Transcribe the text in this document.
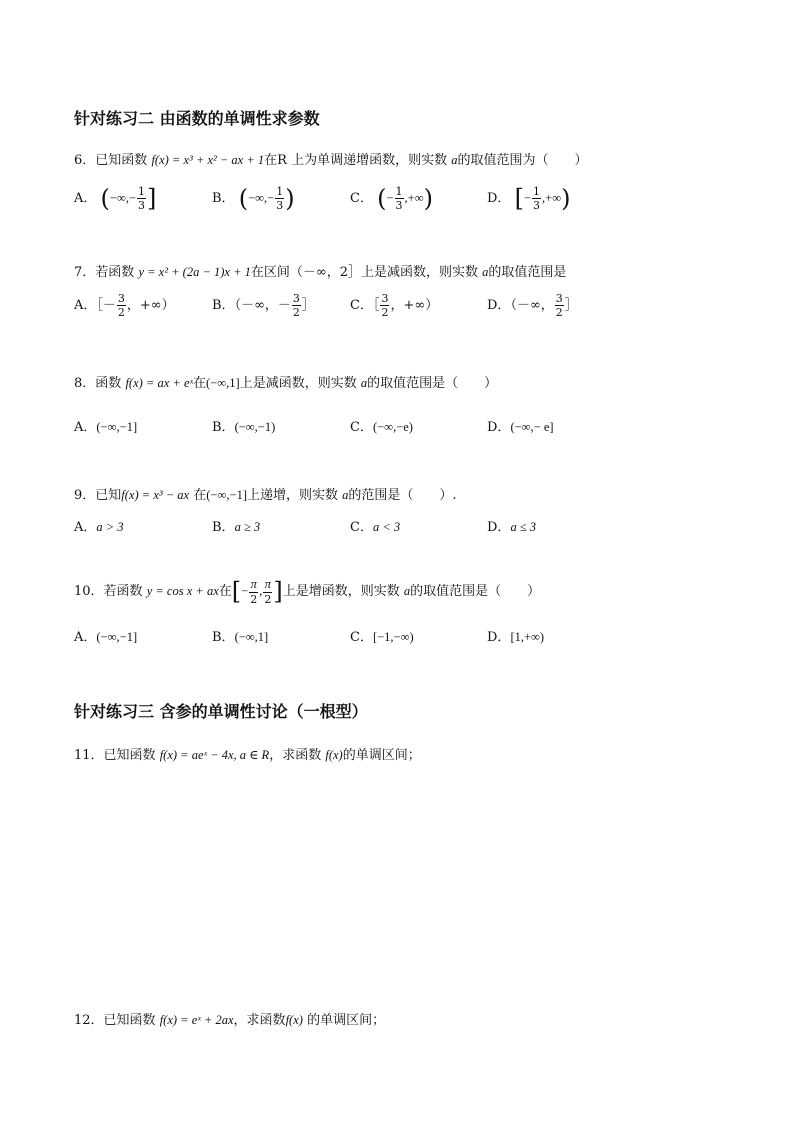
针对练习二 由函数的单调性求参数
6．已知函数 f(x) = x³ + x² − ax + 1在R 上为单调递增函数，则实数 a的取值范围为（　　）
A． (−∞,− $\frac{1}{3}$ ]	B． (−∞,− $\frac{1}{3}$ )	C． (− $\frac{1}{3}$ ,+∞)	D． [− $\frac{1}{3}$ ,+∞)
7．若函数 y = x² + (2a − 1)x + 1在区间（－∞，2］上是减函数，则实数 a的取值范围是
A．［－ $\frac{3}{2}$ ，+∞）	B．（－∞，－ $\frac{3}{2}$ ］	C．［ $\frac{3}{2}$ ，+∞）	D．（－∞， $\frac{3}{2}$ ］
8．函数 f(x) = ax + eˣ在(−∞,1]上是减函数，则实数 a的取值范围是（　　）
A．(−∞,−1]	B．(−∞,−1)	C．(−∞,−e)	D．(−∞,− e]
9．已知f(x) = x³ − ax 在(−∞,−1]上递增，则实数 a的范围是（　　）.
A．a > 3	B．a ≥ 3	C．a < 3	D．a ≤ 3
10．若函数 y = cos x + ax在[− $\frac{\pi}{2}$ , $\frac{\pi}{2}$ ]上是增函数，则实数 a的取值范围是（　　）
A．(−∞,−1]	B．(−∞,1]	C．[−1,−∞)	D．[1,+∞)
针对练习三 含参的单调性讨论（一根型）
11．已知函数 f(x) = aeˣ − 4x, a ∈ R，求函数 f(x)的单调区间；
12．已知函数 f(x) = eˣ + 2ax，求函数f(x) 的单调区间；
